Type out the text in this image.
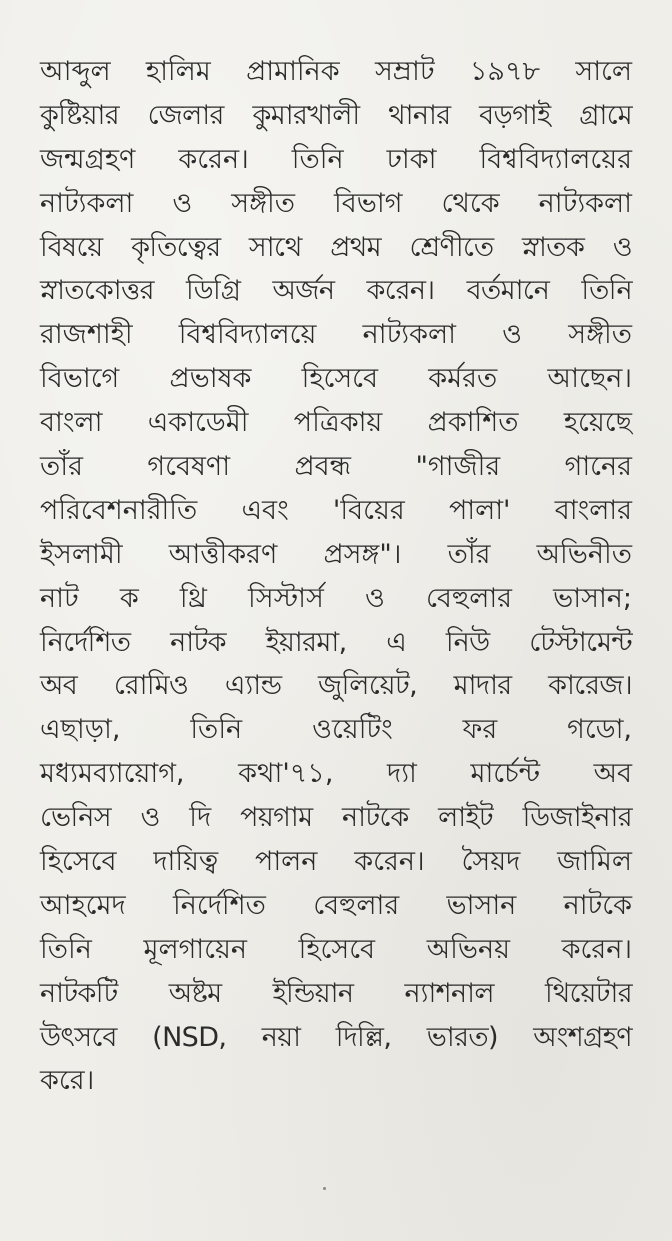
আব্দুল হালিম প্রামানিক সম্রাট ১৯৭৮ সালে
কুষ্টিয়ার জেলার কুমারখালী থানার বড়গাই গ্রামে
জন্মগ্রহণ করেন। তিনি ঢাকা বিশ্ববিদ্যালয়ের
নাট্যকলা ও সঙ্গীত বিভাগ থেকে নাট্যকলা
বিষয়ে কৃতিত্বের সাথে প্রথম শ্রেণীতে স্নাতক ও
স্নাতকোত্তর ডিগ্রি অর্জন করেন। বর্তমানে তিনি
রাজশাহী বিশ্ববিদ্যালয়ে নাট্যকলা ও সঙ্গীত
বিভাগে প্রভাষক হিসেবে কর্মরত আছেন।
বাংলা একাডেমী পত্রিকায় প্রকাশিত হয়েছে
তাঁর গবেষণা প্রবন্ধ "গাজীর গানের
পরিবেশনারীতি এবং 'বিয়ের পালা' বাংলার
ইসলামী আত্তীকরণ প্রসঙ্গ"। তাঁর অভিনীত
নাট ক থ্রি সিস্টার্স ও বেহুলার ভাসান;
নির্দেশিত নাটক ইয়ারমা, এ নিউ টেস্টামেন্ট
অব রোমিও এ্যান্ড জুলিয়েট, মাদার কারেজ।
এছাড়া, তিনি ওয়েটিং ফর গডো,
মধ্যমব্যায়োগ, কথা'৭১, দ্যা মার্চেন্ট অব
ভেনিস ও দি পয়গাম নাটকে লাইট ডিজাইনার
হিসেবে দায়িত্ব পালন করেন। সৈয়দ জামিল
আহমেদ নির্দেশিত বেহুলার ভাসান নাটকে
তিনি মূলগায়েন হিসেবে অভিনয় করেন।
নাটকটি অষ্টম ইন্ডিয়ান ন্যাশনাল থিয়েটার
উৎসবে (NSD, নয়া দিল্লি, ভারত) অংশগ্রহণ
করে।
